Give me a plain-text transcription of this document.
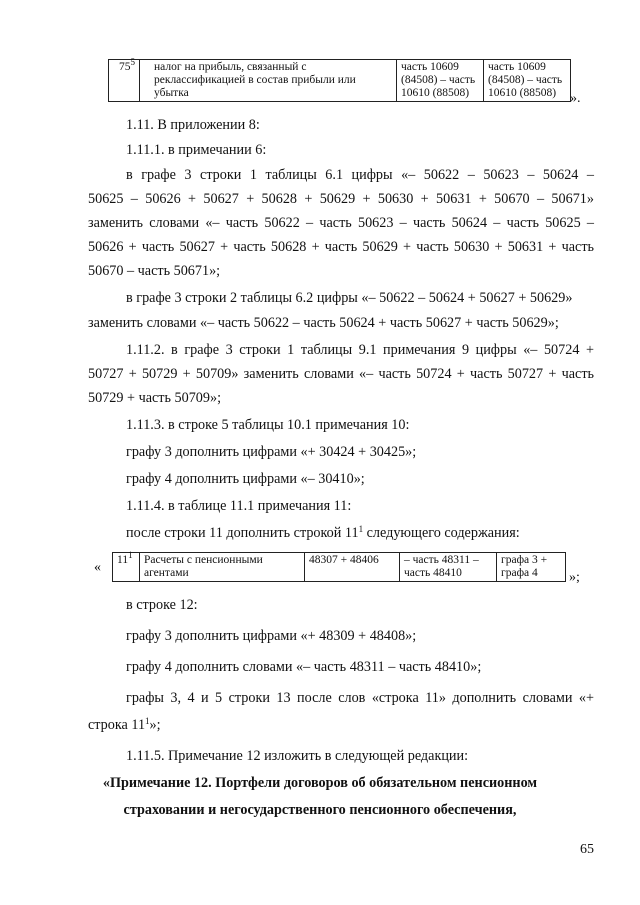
$75^5$	налог на прибыль, связанный с реклассификацией в состав прибыли или убытка	часть 10609 (84508) – часть 10610 (88508)	часть 10609 (84508) – часть 10610 (88508) ».
1.11. В приложении 8:
1.11.1. в примечании 6:
в графе 3 строки 1 таблицы 6.1 цифры «– 50622 – 50623 – 50624 –
50625 – 50626 + 50627 + 50628 + 50629 + 50630 + 50631 + 50670 – 50671»
заменить словами «– часть 50622 – часть 50623 – часть 50624 – часть 50625 –
50626 + часть 50627 + часть 50628 + часть 50629 + часть 50630 + 50631 + часть
50670 – часть 50671»;
в графе 3 строки 2 таблицы 6.2 цифры «– 50622 – 50624 + 50627 + 50629»
заменить словами «– часть 50622 – часть 50624 + часть 50627 + часть 50629»;
1.11.2. в графе 3 строки 1 таблицы 9.1 примечания 9 цифры «– 50724 +
50727 + 50729 + 50709» заменить словами «– часть 50724 + часть 50727 + часть
50729 + часть 50709»;
1.11.3. в строке 5 таблицы 10.1 примечания 10:
графу 3 дополнить цифрами «+ 30424 + 30425»;
графу 4 дополнить цифрами «– 30410»;
1.11.4. в таблице 11.1 примечания 11:
после строки 11 дополнить строкой $11^1$ следующего содержания:
« $11^1$	Расчеты с пенсионными агентами	48307 + 48406	– часть 48311 – часть 48410	графа 3 + графа 4 »;
в строке 12:
графу 3 дополнить цифрами «+ 48309 + 48408»;
графу 4 дополнить словами «– часть 48311 – часть 48410»;
графы 3, 4 и 5 строки 13 после слов «строка 11» дополнить словами «+
строка $11^1$»;
1.11.5. Примечание 12 изложить в следующей редакции:
«Примечание 12. Портфели договоров об обязательном пенсионном
страховании и негосударственного пенсионного обеспечения,
65
